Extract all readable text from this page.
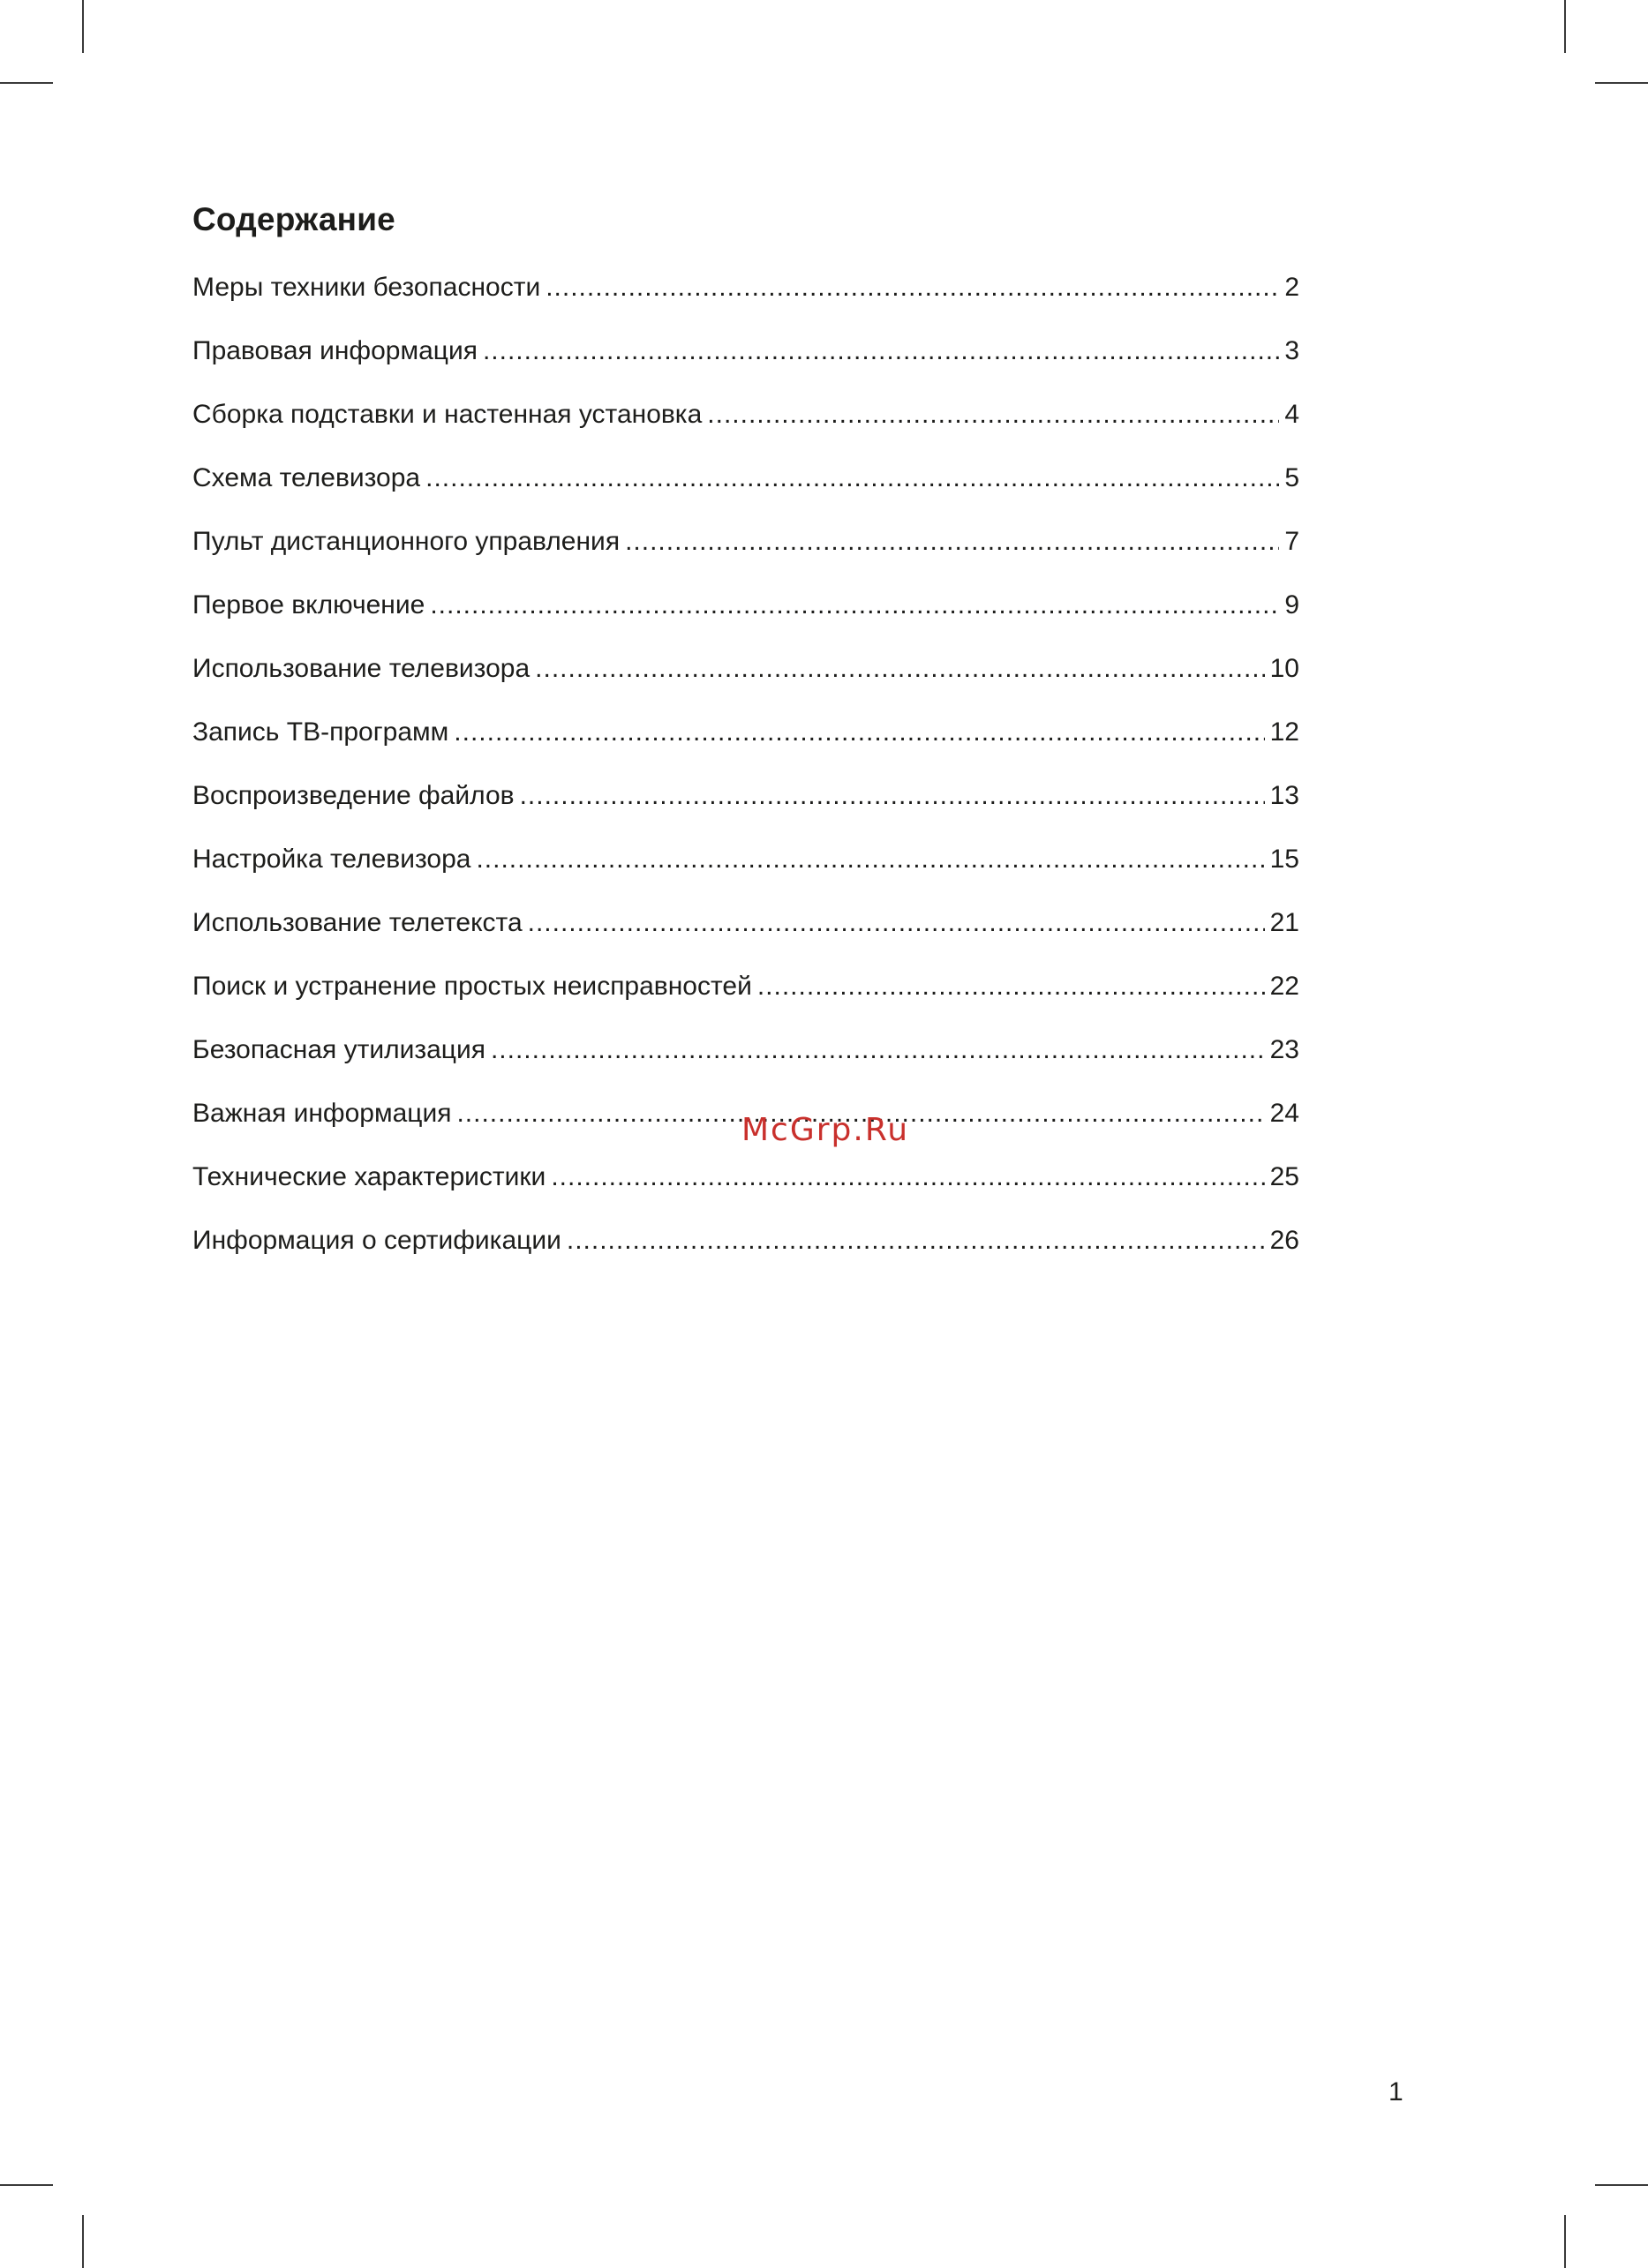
Содержание
Меры техники безопасности .....	2
Правовая информация .....	3
Сборка подставки и настенная установка .....	4
Схема телевизора .....	5
Пульт дистанционного управления .....	7
Первое включение .....	9
Использование телевизора .....	10
Запись ТВ-программ .....	12
Воспроизведение файлов .....	13
Настройка телевизора .....	15
Использование телетекста .....	21
Поиск и устранение простых неисправностей .....	22
Безопасная утилизация .....	23
Важная информация .....	24
Технические характеристики .....	25
Информация о сертификации .....	26
McGrp.Ru
1
